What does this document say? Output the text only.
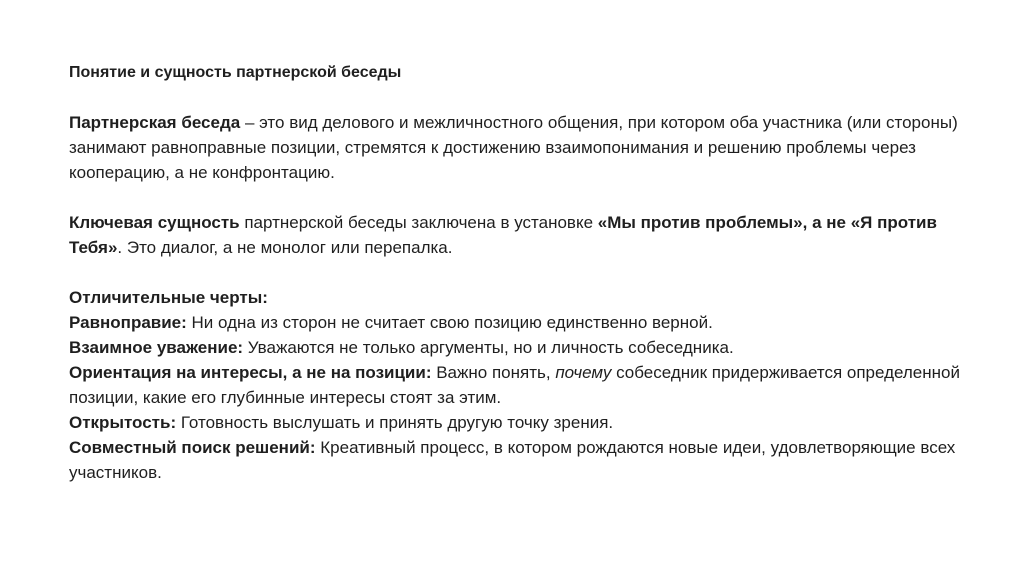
Понятие и сущность партнерской беседы

Партнерская беседа – это вид делового и межличностного общения, при котором оба участника (или стороны) занимают равноправные позиции, стремятся к достижению взаимопонимания и решению проблемы через кооперацию, а не конфронтацию.

Ключевая сущность партнерской беседы заключена в установке «Мы против проблемы», а не «Я против Тебя». Это диалог, а не монолог или перепалка.

Отличительные черты:

Равноправие: Ни одна из сторон не считает свою позицию единственно верной.

Взаимное уважение: Уважаются не только аргументы, но и личность собеседника.

Ориентация на интересы, а не на позиции: Важно понять, почему собеседник придерживается определенной позиции, какие его глубинные интересы стоят за этим.

Открытость: Готовность выслушать и принять другую точку зрения.

Совместный поиск решений: Креативный процесс, в котором рождаются новые идеи, удовлетворяющие всех участников.
